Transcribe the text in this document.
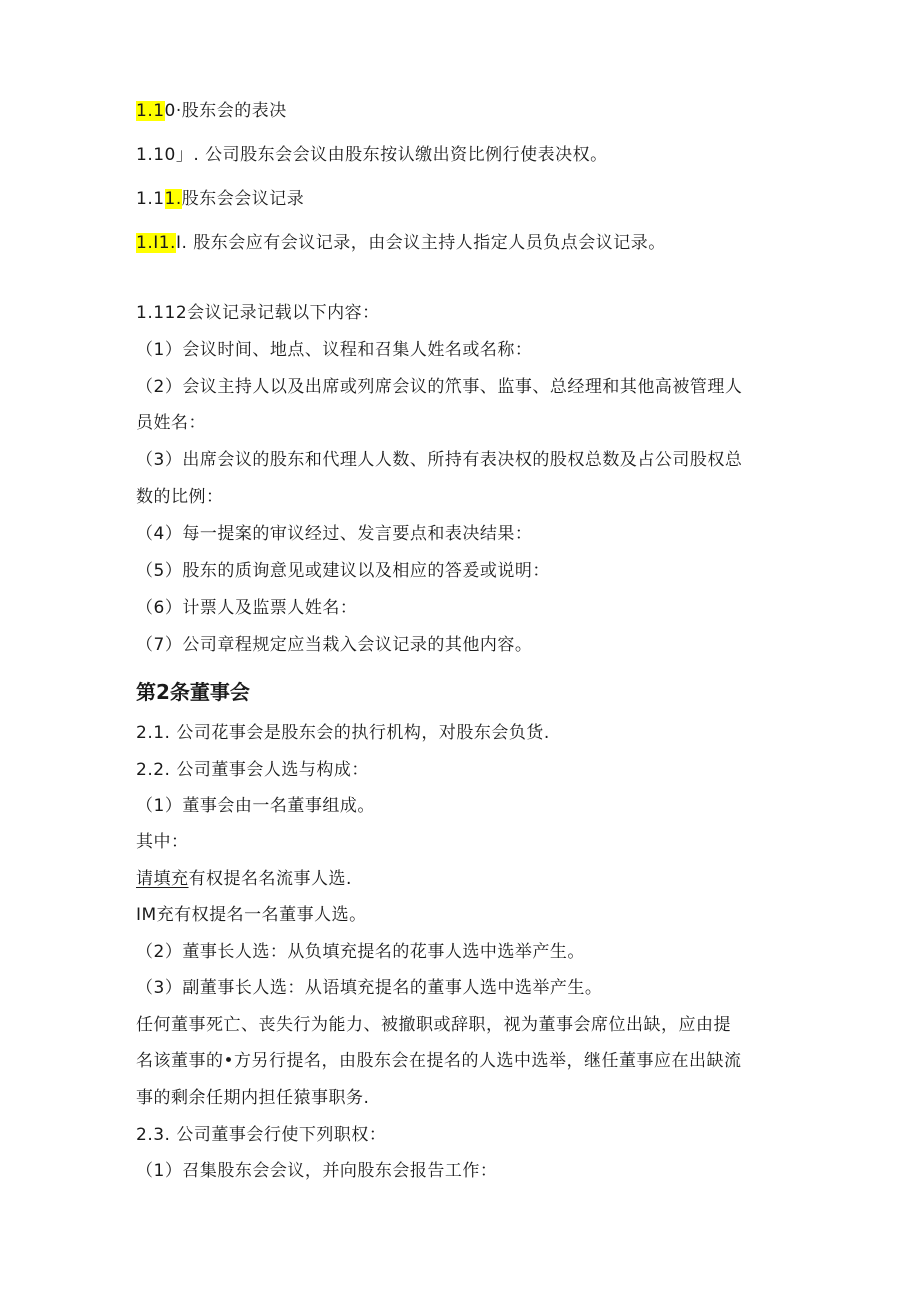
1.10·股东会的表决
1.10」. 公司股东会会议由股东按认缴出资比例行使表决权。
1.11.股东会会议记录
1.I1.I. 股东会应有会议记录，由会议主持人指定人员负点会议记录。
1.112会议记录记载以下内容：
（1）会议时间、地点、议程和召集人姓名或名称：
（2）会议主持人以及出席或列席会议的笊事、监事、总经理和其他高被管理人
员姓名：
（3）出席会议的股东和代理人人数、所持有表决权的股权总数及占公司股权总
数的比例：
（4）每一提案的审议经过、发言要点和表决结果：
（5）股东的质询意见或建议以及相应的答爰或说明：
（6）计票人及监票人姓名：
（7）公司章程规定应当栽入会议记录的其他内容。
第2条董事会
2.1. 公司花事会是股东会的执行机构，对股东会负货.
2.2. 公司董事会人选与构成：
（1）董事会由一名董事组成。
其中：
请填充有权提名名流事人选.
IM充有权提名一名董事人选。
（2）董事长人选：从负填充提名的花事人选中选举产生。
（3）副董事长人选：从语填充提名的董事人选中选举产生。
任何董事死亡、丧失行为能力、被撤职或辞职，视为董事会席位出缺，应由提
名该董事的•方另行提名，由股东会在提名的人选中选举，继任董事应在出缺流
事的剩余任期内担任猿事职务.
2.3. 公司董事会行使下列职权：
（1）召集股东会会议，并向股东会报告工作：
